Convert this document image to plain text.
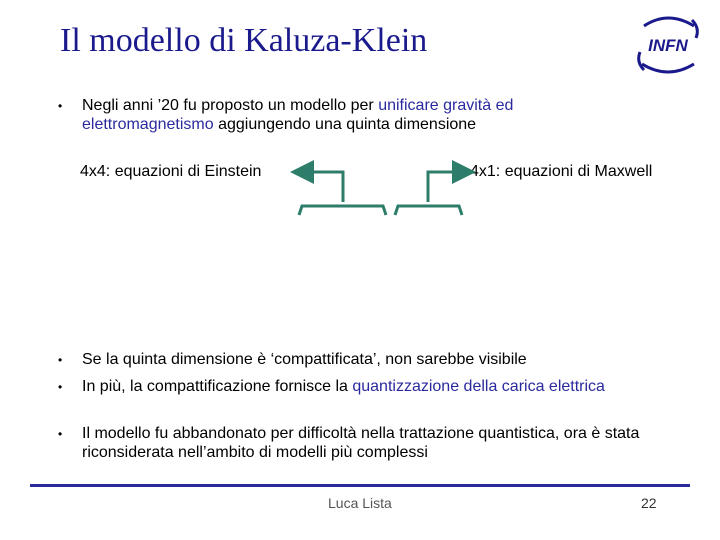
Il modello di Kaluza-Klein	INFN
•	Negli anni ’20 fu proposto un modello per unificare gravità ed elettromagnetismo aggiungendo una quinta dimensione
4x4: equazioni di Einstein	4x1: equazioni di Maxwell
•	Se la quinta dimensione è ‘compattificata’, non sarebbe visibile
•	In più, la compattificazione fornisce la quantizzazione della carica elettrica
•	Il modello fu abbandonato per difficoltà nella trattazione quantistica, ora è stata riconsiderata nell’ambito di modelli più complessi
Luca Lista	22
